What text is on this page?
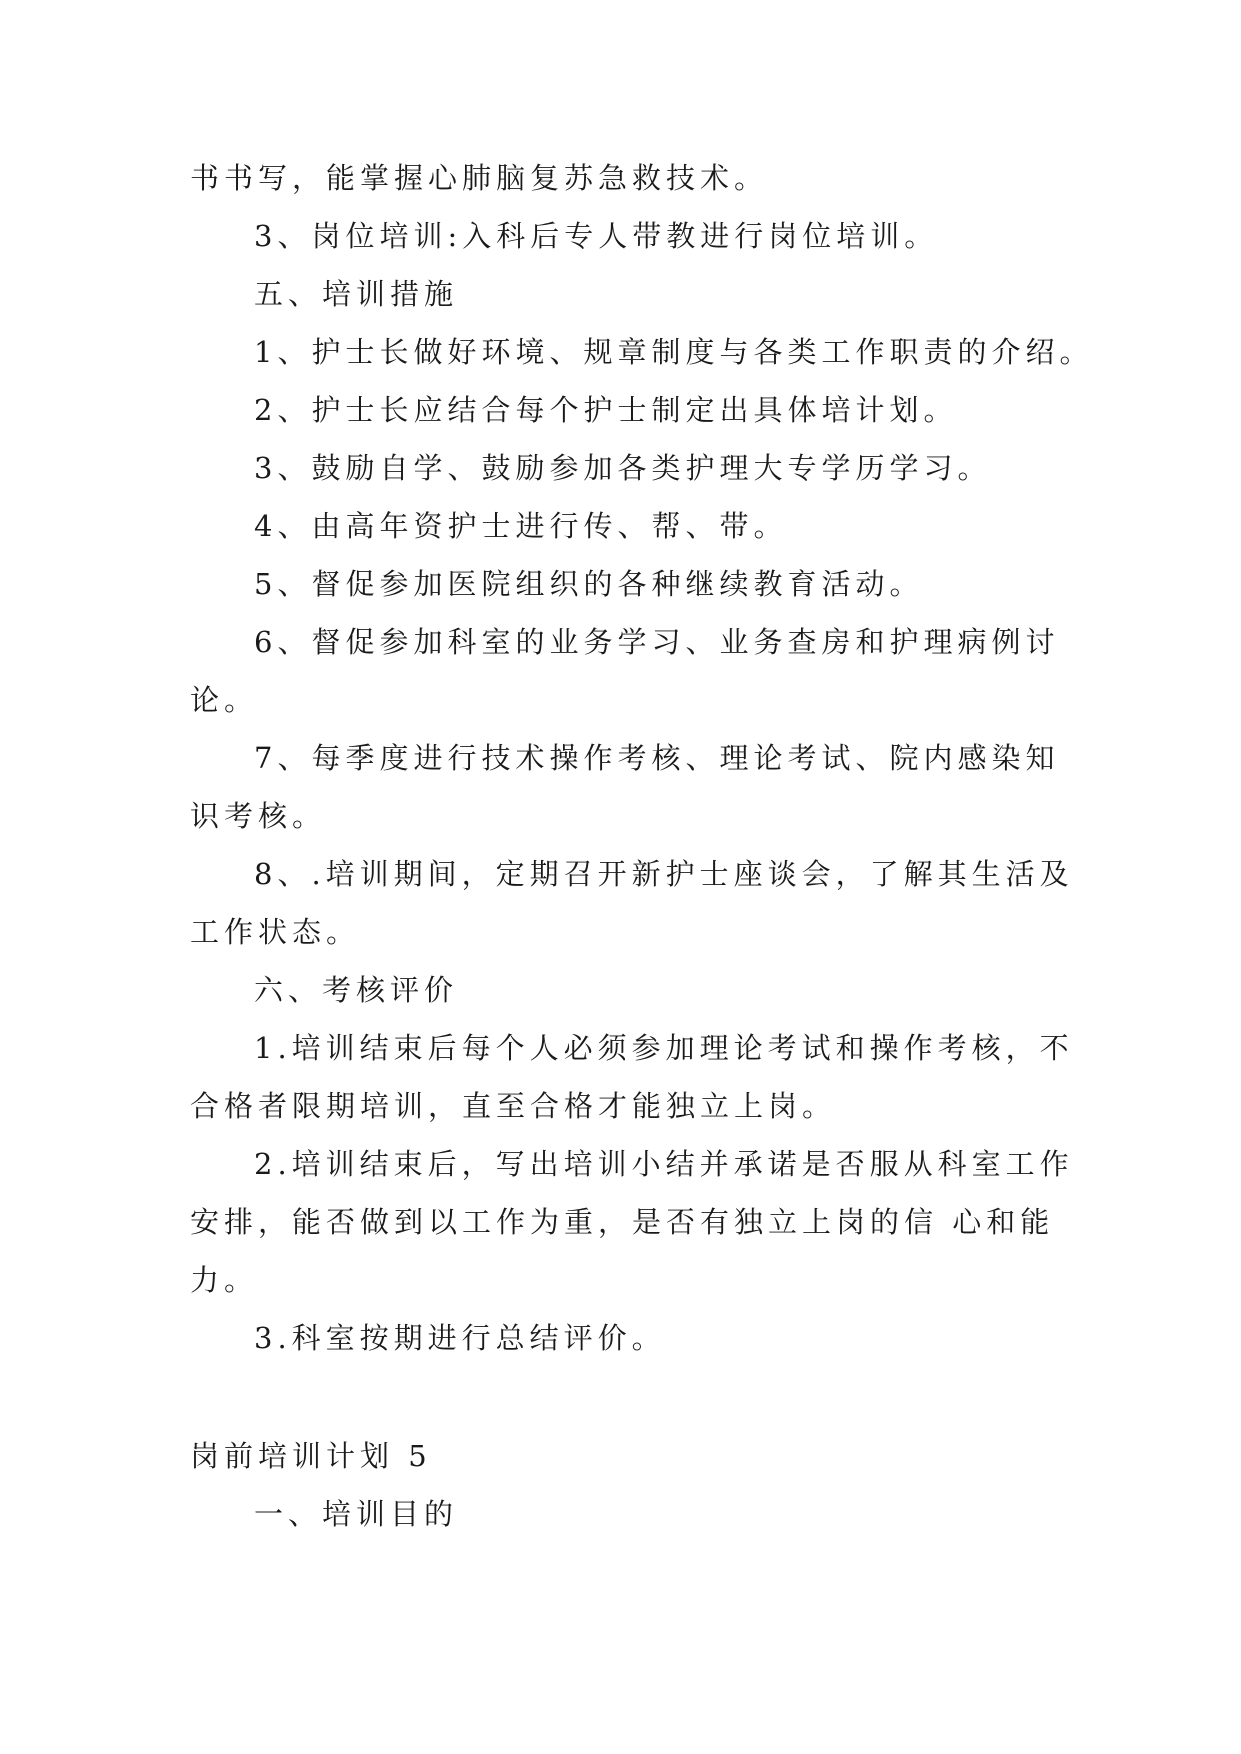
书书写，能掌握心肺脑复苏急救技术。

3、岗位培训:入科后专人带教进行岗位培训。

五、培训措施

1、护士长做好环境、规章制度与各类工作职责的介绍。

2、护士长应结合每个护士制定出具体培计划。

3、鼓励自学、鼓励参加各类护理大专学历学习。

4、由高年资护士进行传、帮、带。

5、督促参加医院组织的各种继续教育活动。

6、督促参加科室的业务学习、业务查房和护理病例讨

论。

7、每季度进行技术操作考核、理论考试、院内感染知

识考核。

8、.培训期间，定期召开新护士座谈会，了解其生活及

工作状态。

六、考核评价

1.培训结束后每个人必须参加理论考试和操作考核，不

合格者限期培训，直至合格才能独立上岗。

2.培训结束后，写出培训小结并承诺是否服从科室工作

安排，能否做到以工作为重，是否有独立上岗的信 心和能

力。

3.科室按期进行总结评价。

岗前培训计划 5

一、培训目的
